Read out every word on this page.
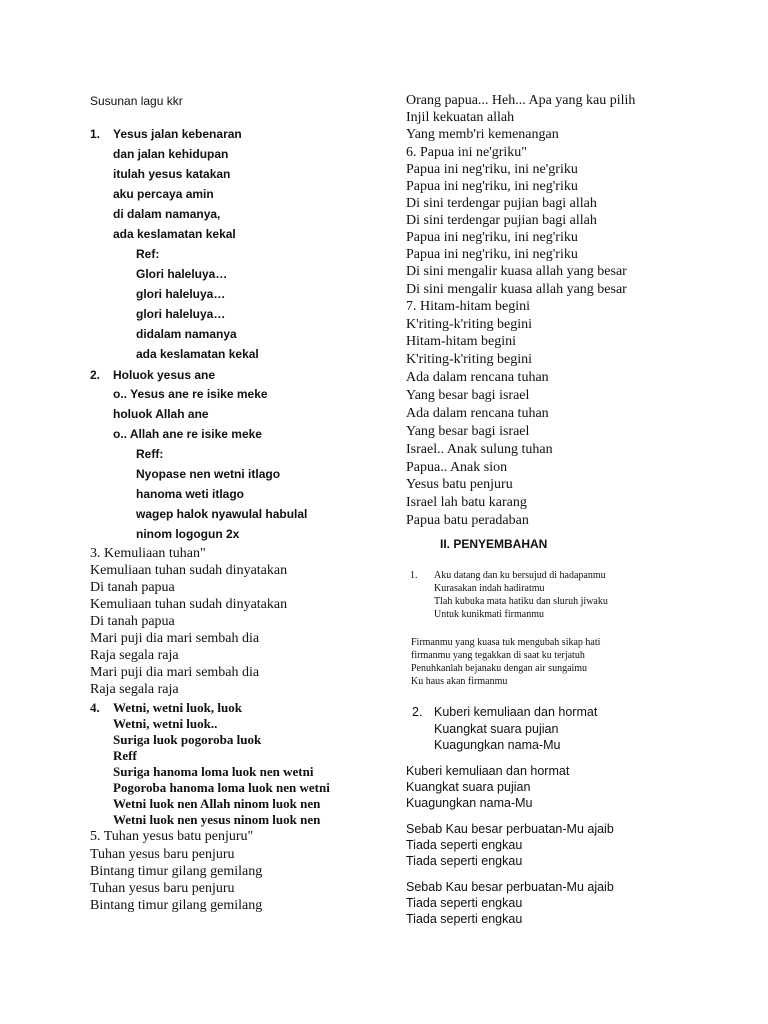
Susunan lagu kkr
1. Yesus jalan kebenaran
dan jalan kehidupan
itulah yesus katakan
aku percaya amin
di dalam namanya,
ada keslamatan kekal
Ref:
Glori haleluya…
glori haleluya…
glori haleluya…
didalam namanya
ada keslamatan kekal
2. Holuok yesus ane
o.. Yesus ane re isike meke
holuok Allah ane
o.. Allah ane re isike meke
Reff:
Nyopase nen wetni itlago
hanoma weti itlago
wagep halok nyawulal habulal
ninom logogun 2x
3. Kemuliaan tuhan"
Kemuliaan tuhan sudah dinyatakan
Di tanah papua
Kemuliaan tuhan sudah dinyatakan
Di tanah papua
Mari puji dia mari sembah dia
Raja segala raja
Mari puji dia mari sembah dia
Raja segala raja
4. Wetni, wetni luok, luok
Wetni, wetni luok..
Suriga luok pogoroba luok
Reff
Suriga hanoma loma luok nen wetni
Pogoroba hanoma loma luok nen wetni
Wetni luok nen Allah ninom luok nen
Wetni luok nen yesus ninom luok nen
5. Tuhan yesus batu penjuru"
Tuhan yesus baru penjuru
Bintang timur gilang gemilang
Tuhan yesus baru penjuru
Bintang timur gilang gemilang
Orang papua... Heh... Apa yang kau pilih
Injil kekuatan allah
Yang memb'ri kemenangan
6. Papua ini ne'griku"
Papua ini neg'riku, ini ne'griku
Papua ini neg'riku, ini neg'riku
Di sini terdengar pujian bagi allah
Di sini terdengar pujian bagi allah
Papua ini neg'riku, ini neg'riku
Papua ini neg'riku, ini neg'riku
Di sini mengalir kuasa allah yang besar
Di sini mengalir kuasa allah yang besar
7. Hitam-hitam begini
K'riting-k'riting begini
Hitam-hitam begini
K'riting-k'riting begini
Ada dalam rencana tuhan
Yang besar bagi israel
Ada dalam rencana tuhan
Yang besar bagi israel
Israel.. Anak sulung tuhan
Papua.. Anak sion
Yesus batu penjuru
Israel lah batu karang
Papua batu peradaban
II. PENYEMBAHAN
1. Aku datang dan ku bersujud di hadapanmu
Kurasakan indah hadiratmu
Tlah kubuka mata hatiku dan sluruh jiwaku
Untuk kunikmati firmanmu
Firmanmu yang kuasa tuk mengubah sikap hati
firmanmu yang tegakkan di saat ku terjatuh
Penuhkanlah bejanaku dengan air sungaimu
Ku haus akan firmanmu
2. Kuberi kemuliaan dan hormat
Kuangkat suara pujian
Kuagungkan nama-Mu
Kuberi kemuliaan dan hormat
Kuangkat suara pujian
Kuagungkan nama-Mu
Sebab Kau besar perbuatan-Mu ajaib
Tiada seperti engkau
Tiada seperti engkau
Sebab Kau besar perbuatan-Mu ajaib
Tiada seperti engkau
Tiada seperti engkau
